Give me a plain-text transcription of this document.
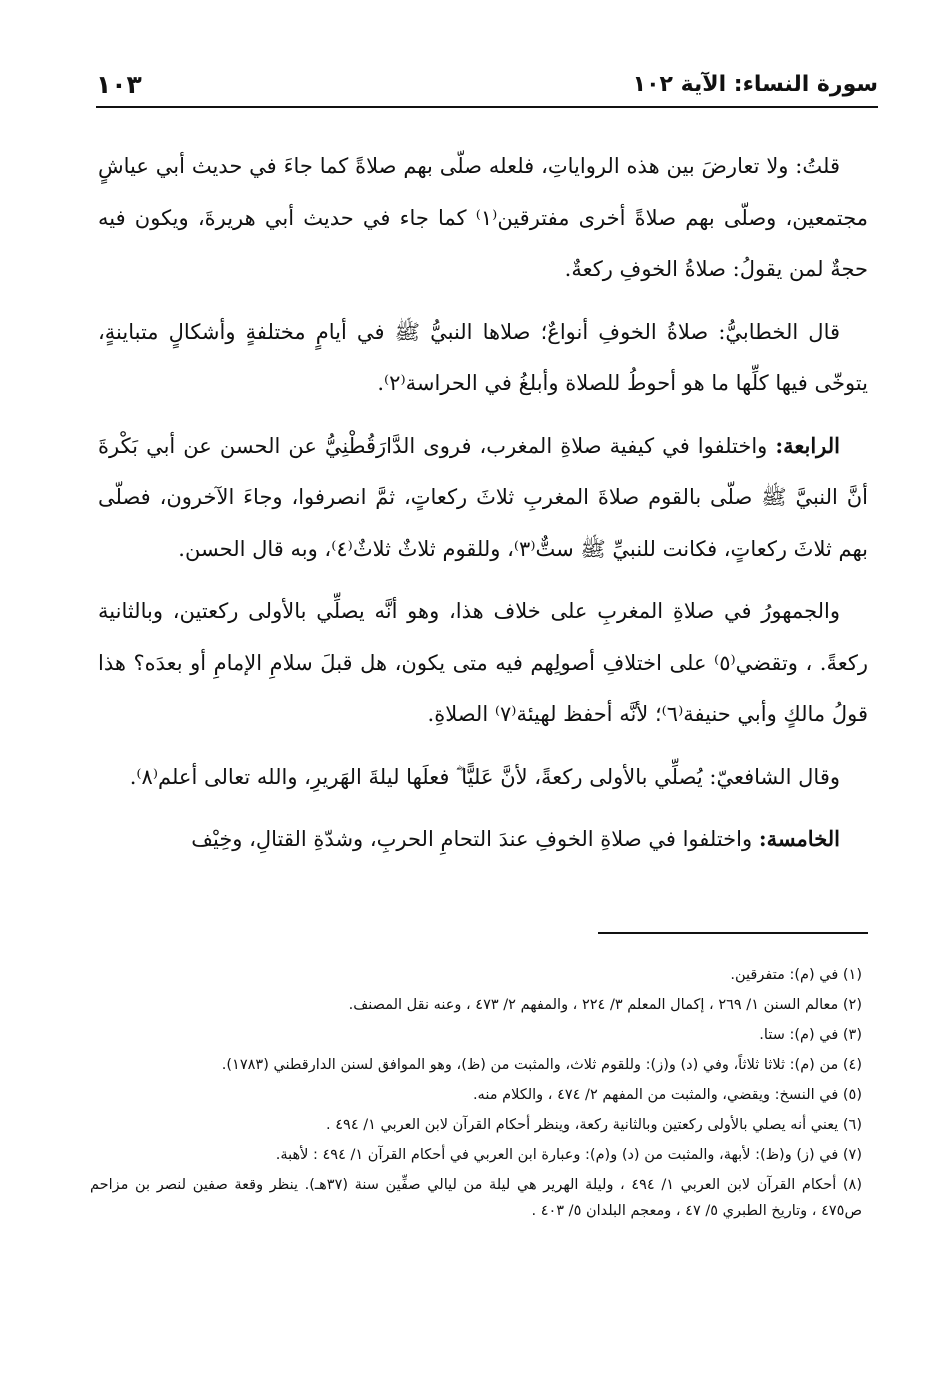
سورة النساء: الآية ١٠٢
١٠٣

قلتُ: ولا تعارضَ بين هذه الرواياتِ، فلعله صلّى بهم صلاةً كما جاءَ في حديث أبي عياشٍ مجتمعين، وصلّى بهم صلاةً أخرى مفترقين⁽١⁾ كما جاء في حديث أبي هريرةَ، ويكون فيه حجةٌ لمن يقولُ: صلاةُ الخوفِ ركعةٌ.

قال الخطابيُّ: صلاةُ الخوفِ أنواعٌ؛ صلاها النبيُّ ﷺ في أيامٍ مختلفةٍ وأشكالٍ متباينةٍ، يتوخّى فيها كلِّها ما هو أحوطُ للصلاة وأبلغُ في الحراسة⁽٢⁾.

الرابعة: واختلفوا في كيفية صلاةِ المغرب، فروى الدَّارَقُطْنِيُّ عن الحسن عن أبي بَكْرةَ أنَّ النبيَّ ﷺ صلّى بالقوم صلاةَ المغربِ ثلاثَ ركعاتٍ، ثمَّ انصرفوا، وجاءَ الآخرون، فصلّى بهم ثلاثَ ركعاتٍ، فكانت للنبيِّ ﷺ ستٌّ⁽٣⁾، وللقوم ثلاثٌ ثلاثٌ⁽٤⁾، وبه قال الحسن.

والجمهورُ في صلاةِ المغربِ على خلاف هذا، وهو أنَّه يصلِّي بالأولى ركعتين، وبالثانية ركعةً. ، وتقضي⁽٥⁾ على اختلافِ أصولِهم فيه متى يكون، هل قبلَ سلامِ الإمامِ أو بعدَه؟ هذا قولُ مالكٍ وأبي حنيفة⁽٦⁾؛ لأنَّه أحفظ لهيئة⁽٧⁾ الصلاةِ.

وقال الشافعيّ: يُصلِّي بالأولى ركعةً، لأنَّ عَليًّا ؓ فعلَها ليلةَ الهَريرِ، والله تعالى أعلم⁽٨⁾.

الخامسة: واختلفوا في صلاةِ الخوفِ عندَ التحامِ الحربِ، وشدّةِ القتالِ، وخِيْف

(١) في (م): متفرقين.
(٢) معالم السنن ١/ ٢٦٩ ، إكمال المعلم ٣/ ٢٢٤ ، والمفهم ٢/ ٤٧٣ ، وعنه نقل المصنف.
(٣) في (م): ستا.
(٤) من (م): ثلاثا ثلاثاً، وفي (د) و(ز): وللقوم ثلاث، والمثبت من (ظ)، وهو الموافق لسنن الدارقطني (١٧٨٣).
(٥) في النسخ: ويقضي، والمثبت من المفهم ٢/ ٤٧٤ ، والكلام منه.
(٦) يعني أنه يصلي بالأولى ركعتين وبالثانية ركعة، وينظر أحكام القرآن لابن العربي ١/ ٤٩٤ .
(٧) في (ز) و(ظ): لأبهة، والمثبت من (د) و(م): وعبارة ابن العربي في أحكام القرآن ١/ ٤٩٤ : لأهبة.
(٨) أحكام القرآن لابن العربي ١/ ٤٩٤ ، وليلة الهرير هي ليلة من ليالي صفِّين سنة (٣٧هـ). ينظر وقعة صفين لنصر بن مزاحم ص٤٧٥ ، وتاريخ الطبري ٥/ ٤٧ ، ومعجم البلدان ٥/ ٤٠٣ .
